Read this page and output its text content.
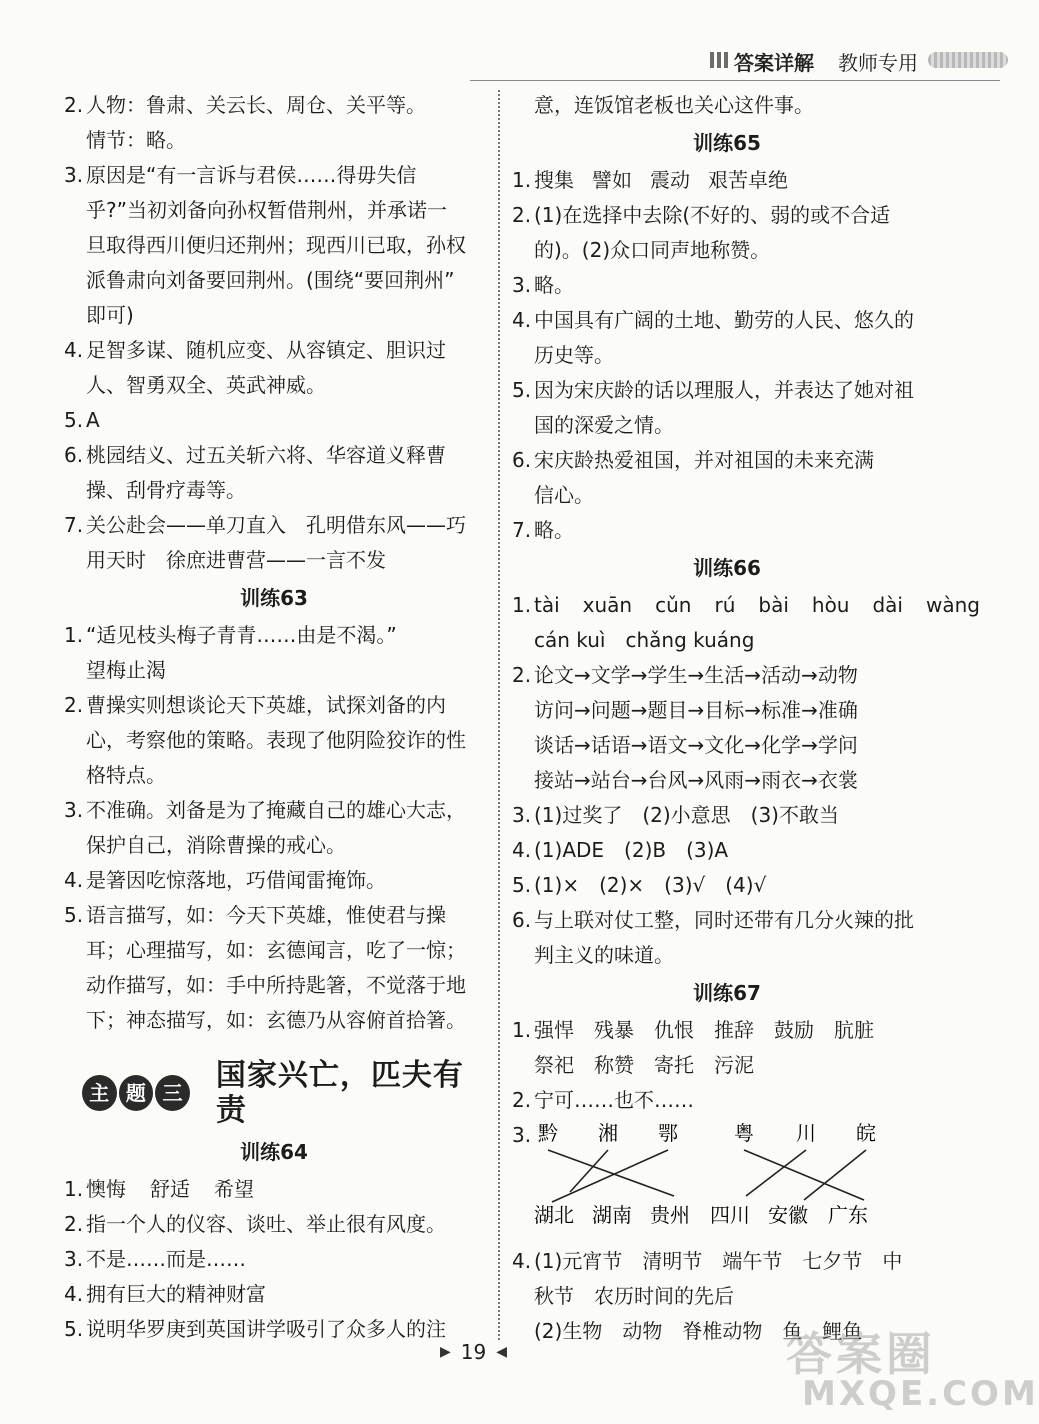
答案详解 教师专用
2. 人物：鲁肃、关云长、周仓、关平等。
情节：略。
3. 原因是“有一言诉与君侯……得毋失信
乎?”当初刘备向孙权暂借荆州，并承诺一
旦取得西川便归还荆州；现西川已取，孙权
派鲁肃向刘备要回荆州。(围绕“要回荆州”
即可)
4. 足智多谋、随机应变、从容镇定、胆识过
人、智勇双全、英武神威。
5. A
6. 桃园结义、过五关斩六将、华容道义释曹
操、刮骨疗毒等。
7. 关公赴会——单刀直入　孔明借东风——巧
用天时　徐庶进曹营——一言不发
训练63
1. “适见枝头梅子青青……由是不渴。”
望梅止渴
2. 曹操实则想谈论天下英雄，试探刘备的内
心，考察他的策略。表现了他阴险狡诈的性
格特点。
3. 不准确。刘备是为了掩藏自己的雄心大志，
保护自己，消除曹操的戒心。
4. 是箸因吃惊落地，巧借闻雷掩饰。
5. 语言描写，如：今天下英雄，惟使君与操
耳；心理描写，如：玄德闻言，吃了一惊；
动作描写，如：手中所持匙箸，不觉落于地
下；神态描写，如：玄德乃从容俯首拾箸。
主 题 三 国家兴亡，匹夫有责
训练64
1. 懊悔 舒适 希望
2. 指一个人的仪容、谈吐、举止很有风度。
3. 不是……而是……
4. 拥有巨大的精神财富
5. 说明华罗庚到英国讲学吸引了众多人的注
意，连饭馆老板也关心这件事。
训练65
1. 搜集 譬如 震动 艰苦卓绝
2. (1)在选择中去除(不好的、弱的或不合适
的)。(2)众口同声地称赞。
3. 略。
4. 中国具有广阔的土地、勤劳的人民、悠久的
历史等。
5. 因为宋庆龄的话以理服人，并表达了她对祖
国的深爱之情。
6. 宋庆龄热爱祖国，并对祖国的未来充满
信心。
7. 略。
训练66
1. tài xuān cǔn rú bài hòu dài wàng
cán kuì chǎng kuáng
2. 论文 → 文学 → 学生 → 生活 → 活动 → 动物
访问 → 问题 → 题目 → 目标 → 标准 → 准确
谈话 → 话语 → 语文 → 文化 → 化学 → 学问
接站 → 站台 → 台风 → 风雨 → 雨衣 → 衣裳
3. (1)过奖了　(2)小意思　(3)不敢当
4. (1)ADE　(2)B　(3)A
5. (1)×　(2)×　(3)√　(4)√
6. 与上联对仗工整，同时还带有几分火辣的批
判主义的味道。
训练67
1. 强悍 残暴 仇恨 推辞 鼓励 肮脏
祭祀 称赞 寄托 污泥
2. 宁可……也不……
3. 黔 湘 鄂	粤 川 皖
湖北 湖南 贵州 四川 安徽 广东
4. (1)元宵节　清明节　端午节　七夕节　中
秋节　农历时间的先后
(2)生物　动物　脊椎动物　鱼　鲤鱼
▶ 19 ◀	答案圈
MXQE.COM
